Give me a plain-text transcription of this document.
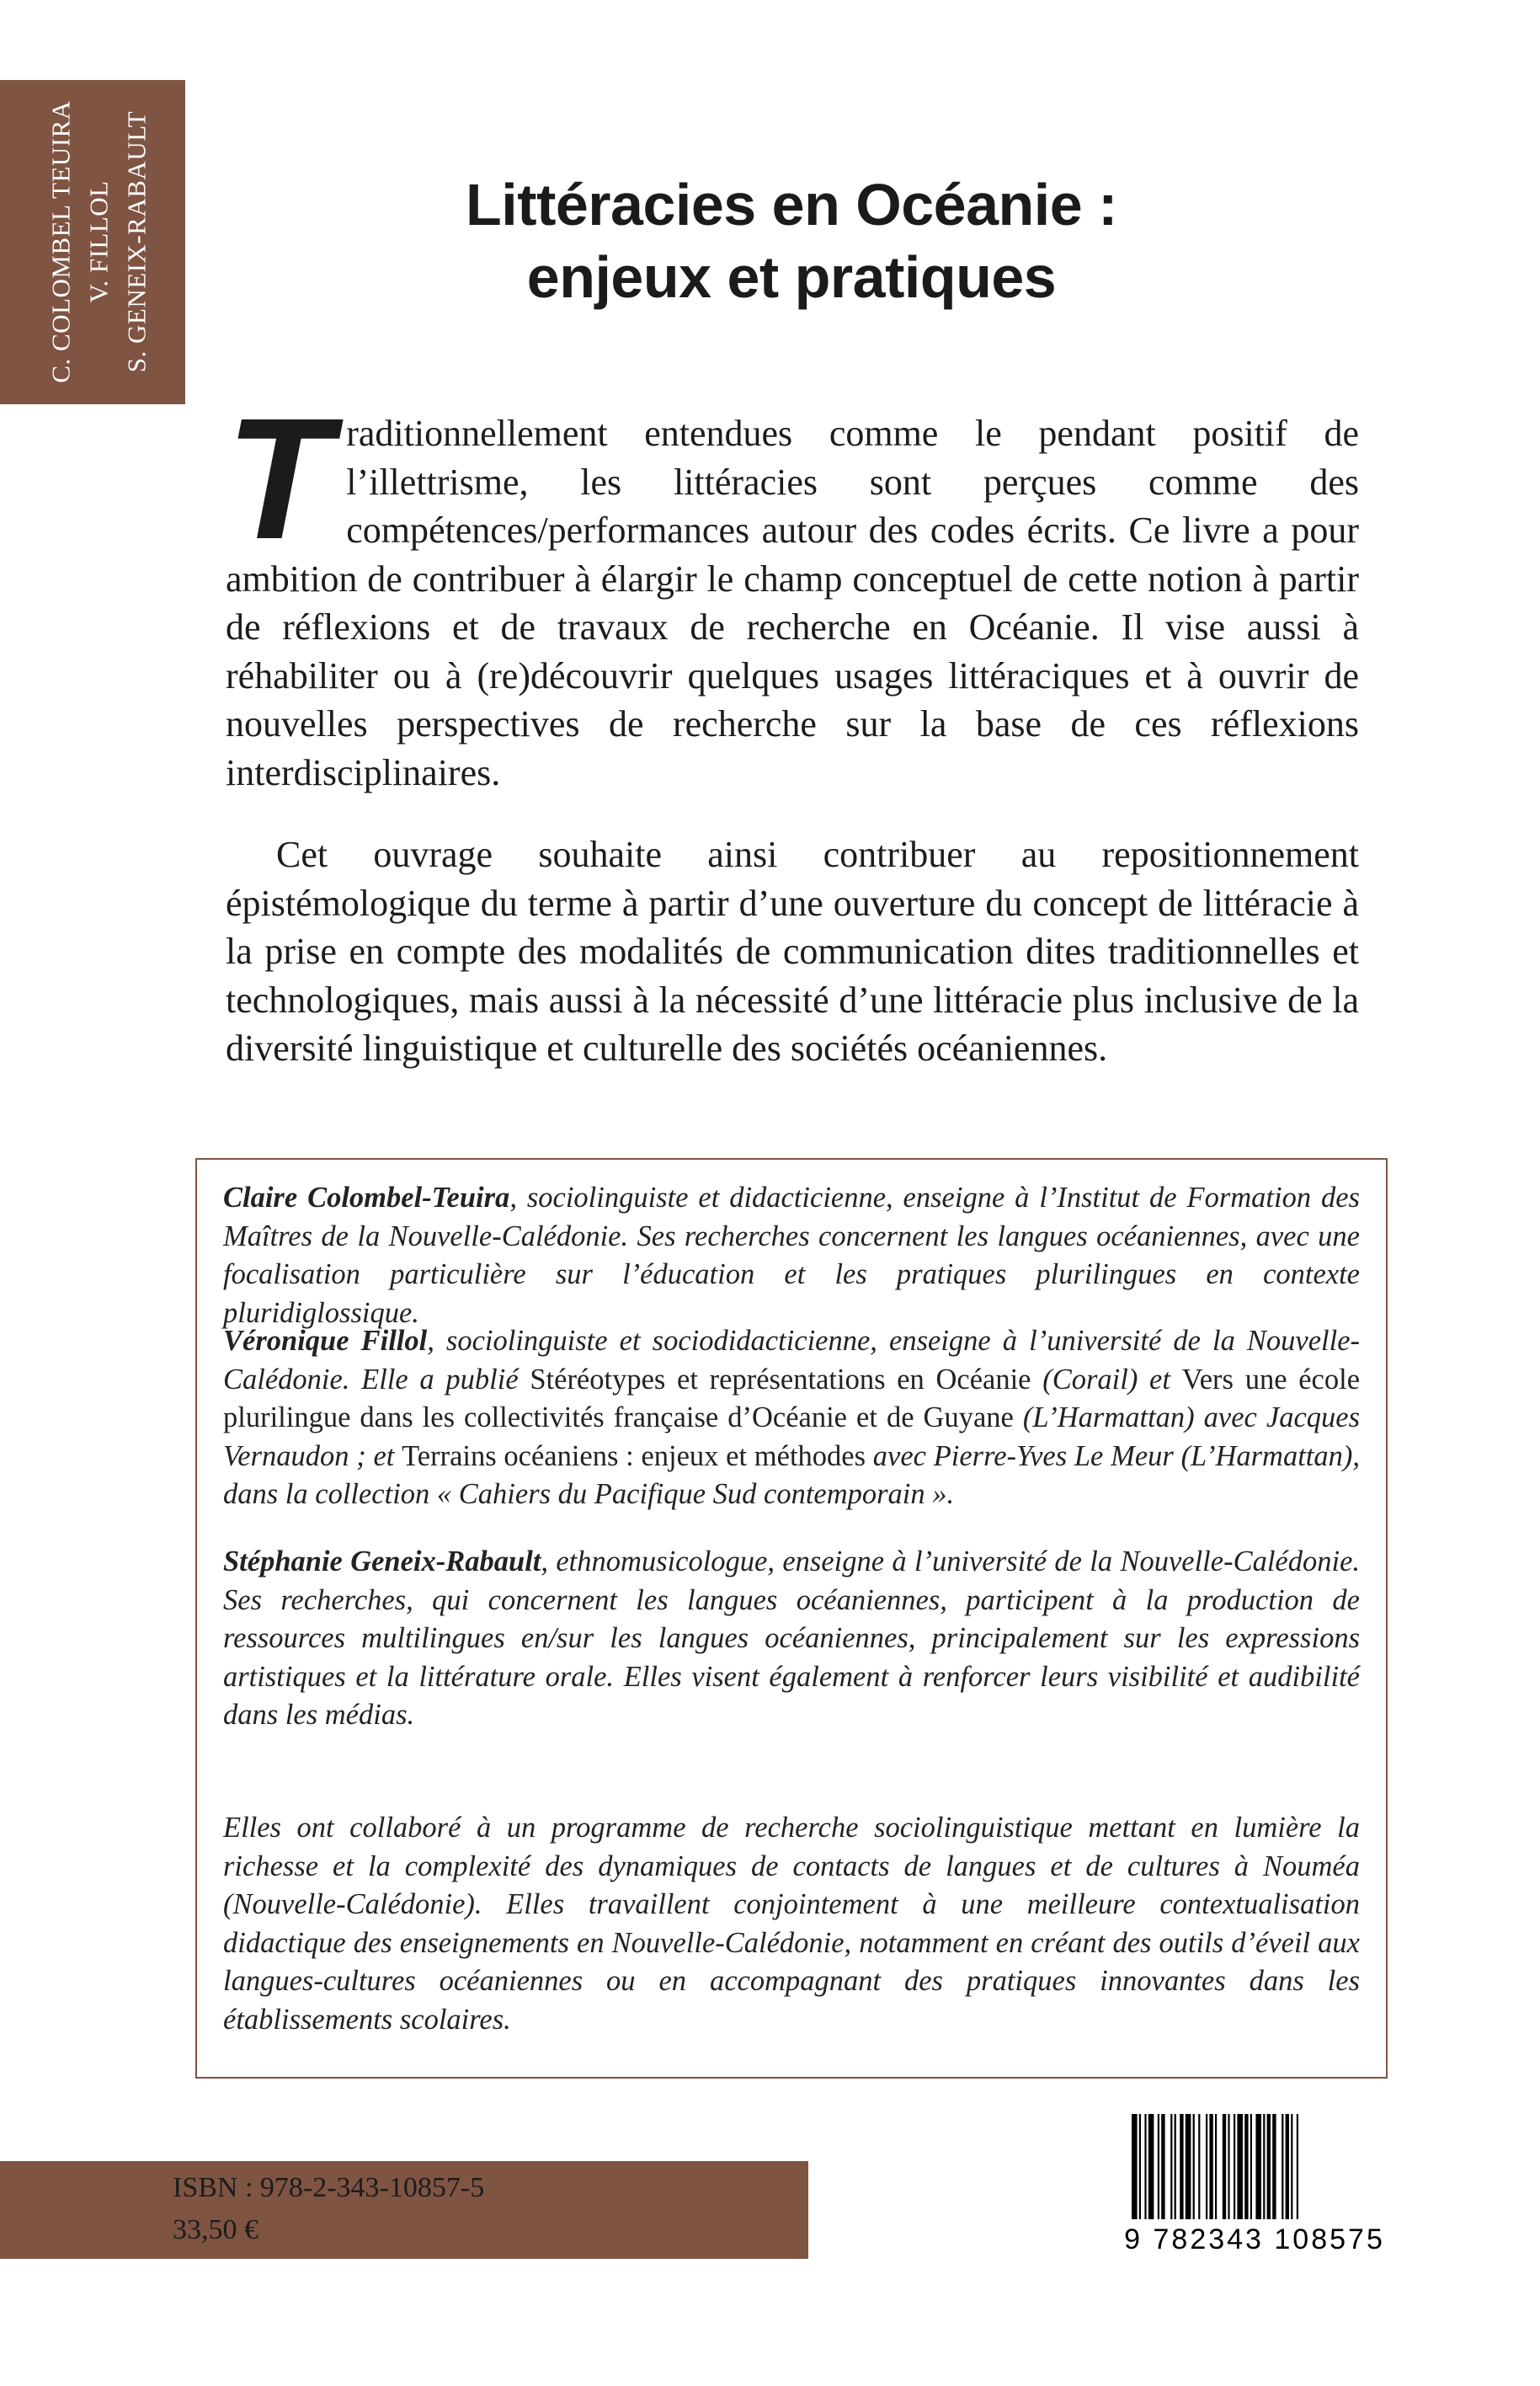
C. COLOMBEL TEUIRA V. FILLOL S. GENEIX-RABAULT	Littéracies en Océanie :
enjeux et pratiques

Traditionnellement entendues comme le pendant positif de l’illettrisme, les littéracies sont perçues comme des compétences/performances autour des codes écrits. Ce livre a pour ambition de contribuer à élargir le champ conceptuel de cette notion à partir de réflexions et de travaux de recherche en Océanie. Il vise aussi à réhabiliter ou à (re)découvrir quelques usages littéraciques et à ouvrir de nouvelles perspectives de recherche sur la base de ces réflexions interdisciplinaires.

Cet ouvrage souhaite ainsi contribuer au repositionnement épistémologique du terme à partir d’une ouverture du concept de littéracie à la prise en compte des modalités de communication dites traditionnelles et technologiques, mais aussi à la nécessité d’une littéracie plus inclusive de la diversité linguistique et culturelle des sociétés océaniennes.

Claire Colombel-Teuira, sociolinguiste et didacticienne, enseigne à l’Institut de Formation des Maîtres de la Nouvelle-Calédonie. Ses recherches concernent les langues océaniennes, avec une focalisation particulière sur l’éducation et les pratiques plurilingues en contexte pluridiglossique.

Véronique Fillol, sociolinguiste et sociodidacticienne, enseigne à l’université de la Nouvelle-Calédonie. Elle a publié Stéréotypes et représentations en Océanie (Corail) et Vers une école plurilingue dans les collectivités française d’Océanie et de Guyane (L’Harmattan) avec Jacques Vernaudon ; et Terrains océaniens : enjeux et méthodes avec Pierre-Yves Le Meur (L’Harmattan), dans la collection « Cahiers du Pacifique Sud contemporain ».

Stéphanie Geneix-Rabault, ethnomusicologue, enseigne à l’université de la Nouvelle-Calédonie. Ses recherches, qui concernent les langues océaniennes, participent à la production de ressources multilingues en/sur les langues océaniennes, principalement sur les expressions artistiques et la littérature orale. Elles visent également à renforcer leurs visibilité et audibilité dans les médias.

Elles ont collaboré à un programme de recherche sociolinguistique mettant en lumière la richesse et la complexité des dynamiques de contacts de langues et de cultures à Nouméa (Nouvelle-Calédonie). Elles travaillent conjointement à une meilleure contextualisation didactique des enseignements en Nouvelle-Calédonie, notamment en créant des outils d’éveil aux langues-cultures océaniennes ou en accompagnant des pratiques innovantes dans les établissements scolaires.

ISBN : 978-2-343-10857-5

33,50 €	9 782343 108575
